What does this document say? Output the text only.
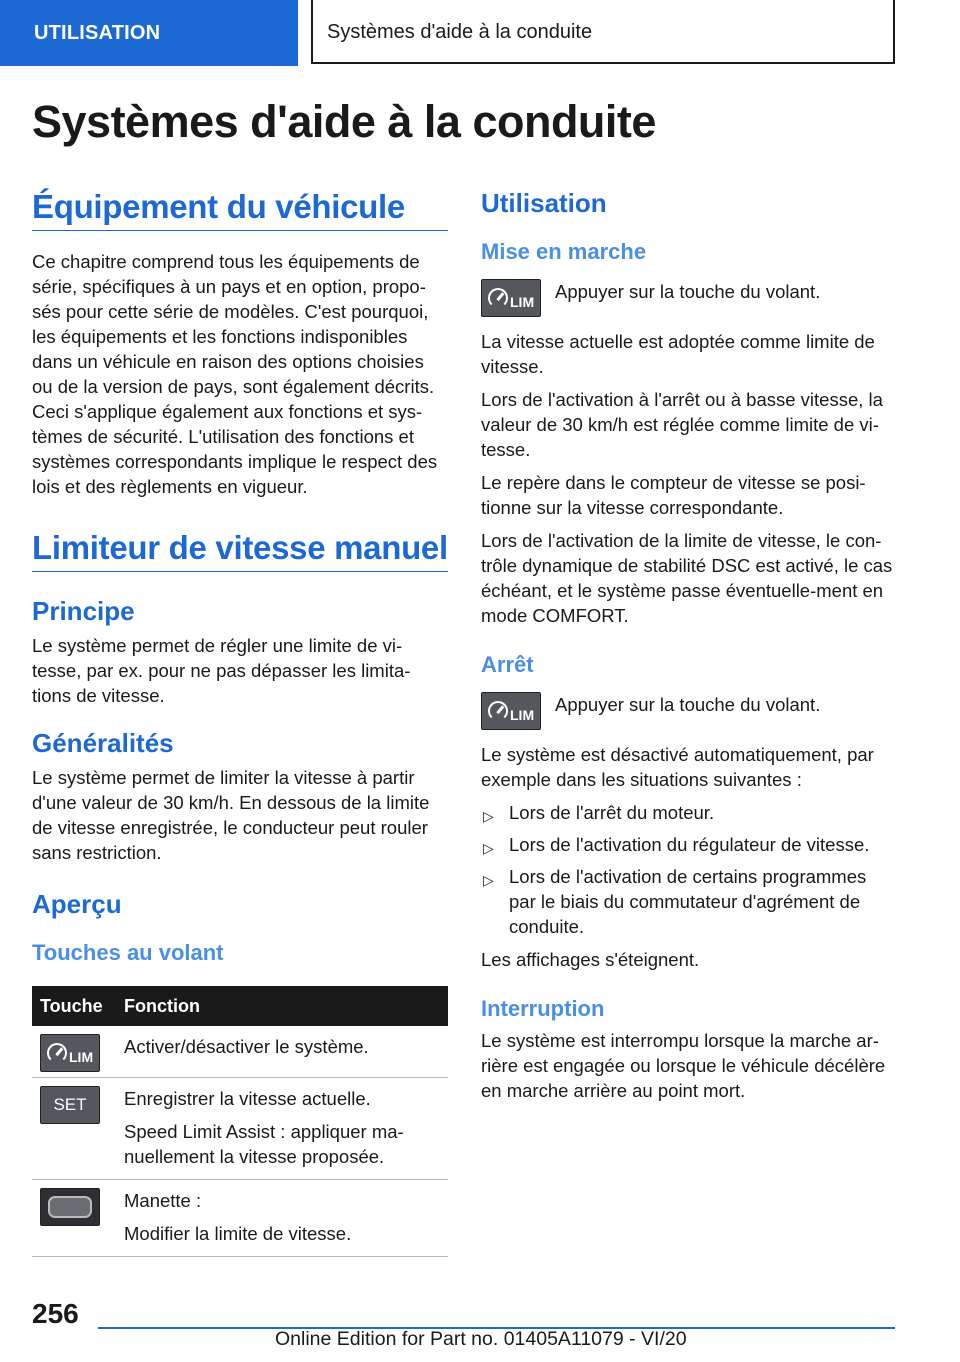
UTILISATION	Systèmes d'aide à la conduite
Systèmes d'aide à la conduite
Équipement du véhicule

Ce chapitre comprend tous les équipements de série, spécifiques à un pays et en option, propo-sés pour cette série de modèles. C'est pourquoi, les équipements et les fonctions indisponibles dans un véhicule en raison des options choisies ou de la version de pays, sont également décrits. Ceci s'applique également aux fonctions et sys-tèmes de sécurité. L'utilisation des fonctions et systèmes correspondants implique le respect des lois et des règlements en vigueur.

Limiteur de vitesse manuel
Principe

Le système permet de régler une limite de vi-tesse, par ex. pour ne pas dépasser les limita-tions de vitesse.

Généralités

Le système permet de limiter la vitesse à partir d'une valeur de 30 km/h. En dessous de la limite de vitesse enregistrée, le conducteur peut rouler sans restriction.

Aperçu
Touches au volant
Touche	Fonction

LIM	Activer/désactiver le système.

SET	Enregistrer la vitesse actuelle.

Speed Limit Assist : appliquer ma-nuellement la vitesse proposée.

	Manette :

Modifier la limite de vitesse.

Utilisation
Mise en marche
LIM	Appuyer sur la touche du volant.

La vitesse actuelle est adoptée comme limite de vitesse.

Lors de l'activation à l'arrêt ou à basse vitesse, la valeur de 30 km/h est réglée comme limite de vi-tesse.

Le repère dans le compteur de vitesse se posi-tionne sur la vitesse correspondante.

Lors de l'activation de la limite de vitesse, le con-trôle dynamique de stabilité DSC est activé, le cas échéant, et le système passe éventuelle-ment en mode COMFORT.

Arrêt
LIM	Appuyer sur la touche du volant.

Le système est désactivé automatiquement, par exemple dans les situations suivantes :

▷ Lors de l'arrêt du moteur.
▷ Lors de l'activation du régulateur de vitesse.
▷ Lors de l'activation de certains programmes par le biais du commutateur d'agrément de conduite.

Les affichages s'éteignent.

Interruption

Le système est interrompu lorsque la marche ar-rière est engagée ou lorsque le véhicule décélère en marche arrière au point mort.

256
Online Edition for Part no. 01405A11079 - VI/20
